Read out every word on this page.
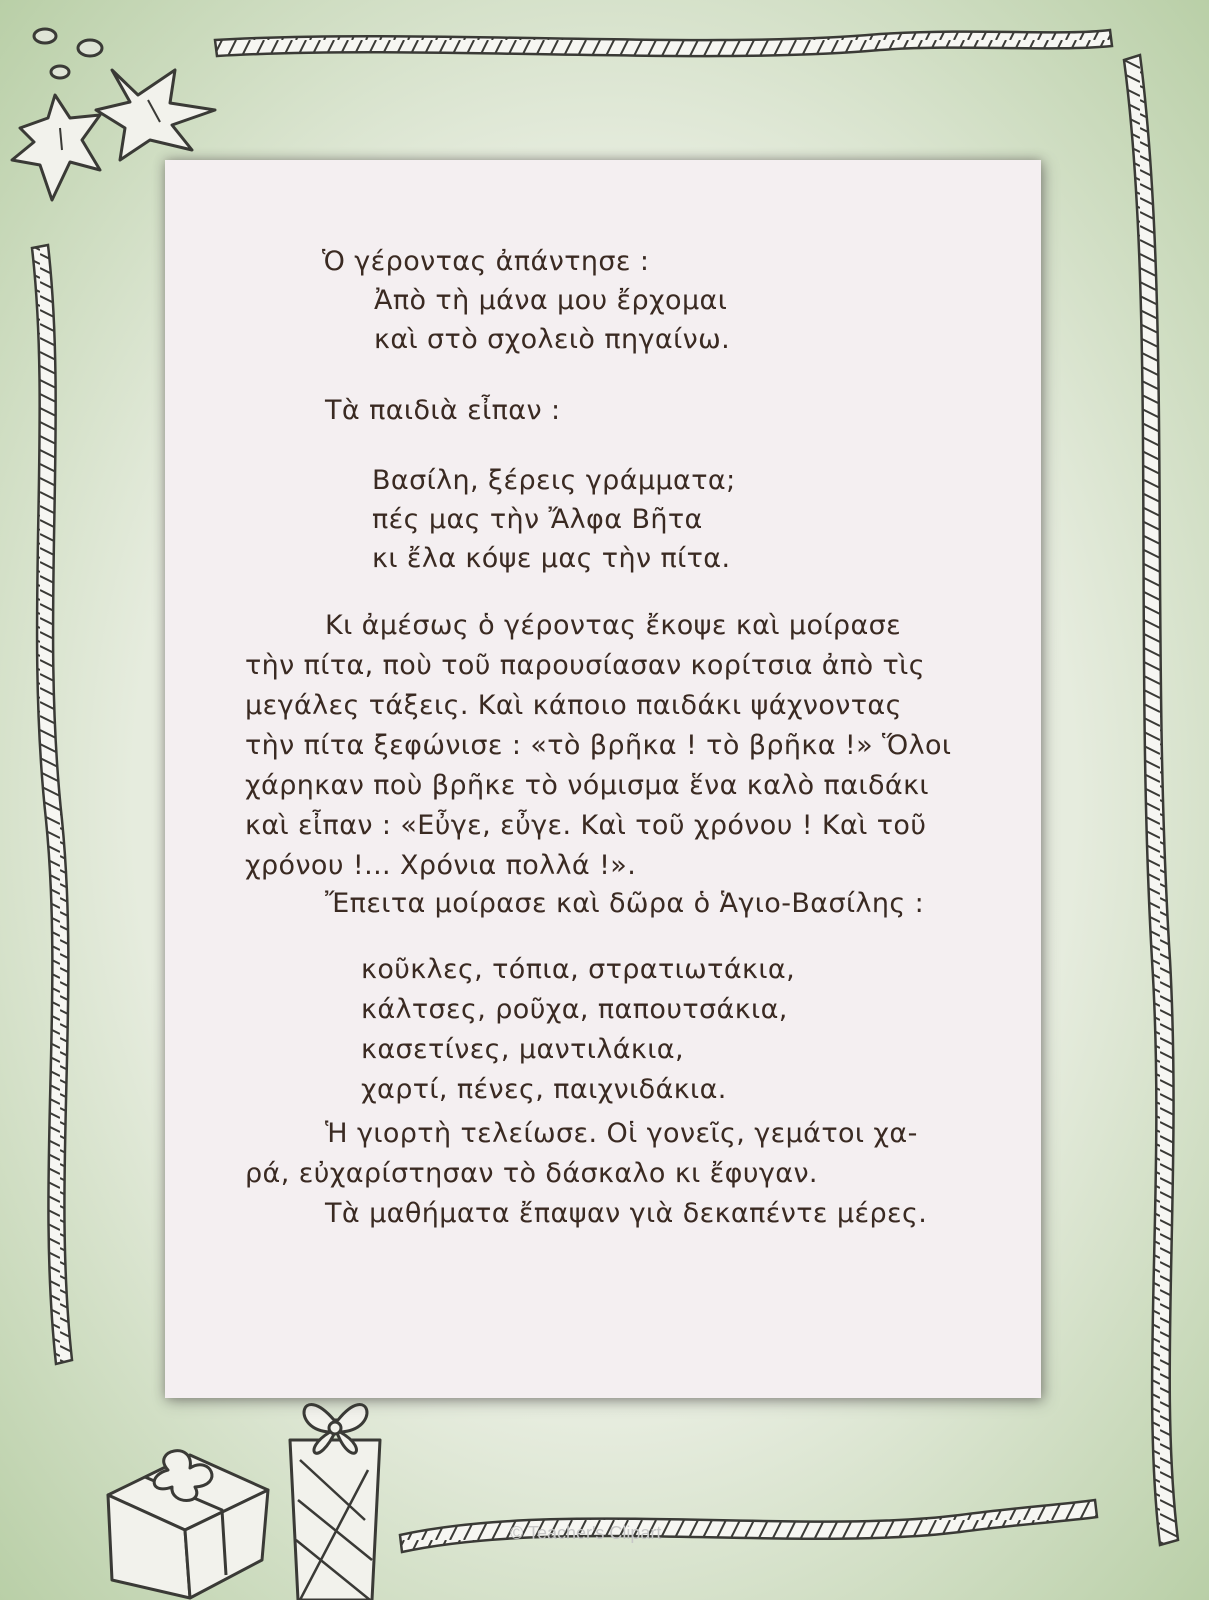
Ὁ γέροντας ἀπάντησε :
Ἀπὸ τὴ μάνα μου ἔρχομαι
καὶ στὸ σχολειὸ πηγαίνω.
Τὰ παιδιὰ εἶπαν :
Βασίλη, ξέρεις γράμματα;
πές μας τὴν Ἄλφα Βῆτα
κι ἔλα κόψε μας τὴν πίτα.
Κι ἀμέσως ὁ γέροντας ἔκοψε καὶ μοίρασε
τὴν πίτα, ποὺ τοῦ παρουσίασαν κορίτσια ἀπὸ τὶς
μεγάλες τάξεις. Καὶ κάποιο παιδάκι ψάχνοντας
τὴν πίτα ξεφώνισε : «τὸ βρῆκα ! τὸ βρῆκα !» Ὅλοι
χάρηκαν ποὺ βρῆκε τὸ νόμισμα ἕνα καλὸ παιδάκι
καὶ εἶπαν : «Εὖγε, εὖγε. Καὶ τοῦ χρόνου ! Καὶ τοῦ
χρόνου !... Χρόνια πολλά !».
Ἔπειτα μοίρασε καὶ δῶρα ὁ Ἁγιο-Βασίλης :
κοῦκλες, τόπια, στρατιωτάκια,
κάλτσες, ροῦχα, παπουτσάκια,
κασετίνες, μαντιλάκια,
χαρτί, πένες, παιχνιδάκια.
Ἡ γιορτὴ τελείωσε. Οἱ γονεῖς, γεμάτοι χα-
ρά, εὐχαρίστησαν τὸ δάσκαλο κι ἔφυγαν.
Τὰ μαθήματα ἔπαψαν γιὰ δεκαπέντε μέρες.
© Teacher's Clipart
